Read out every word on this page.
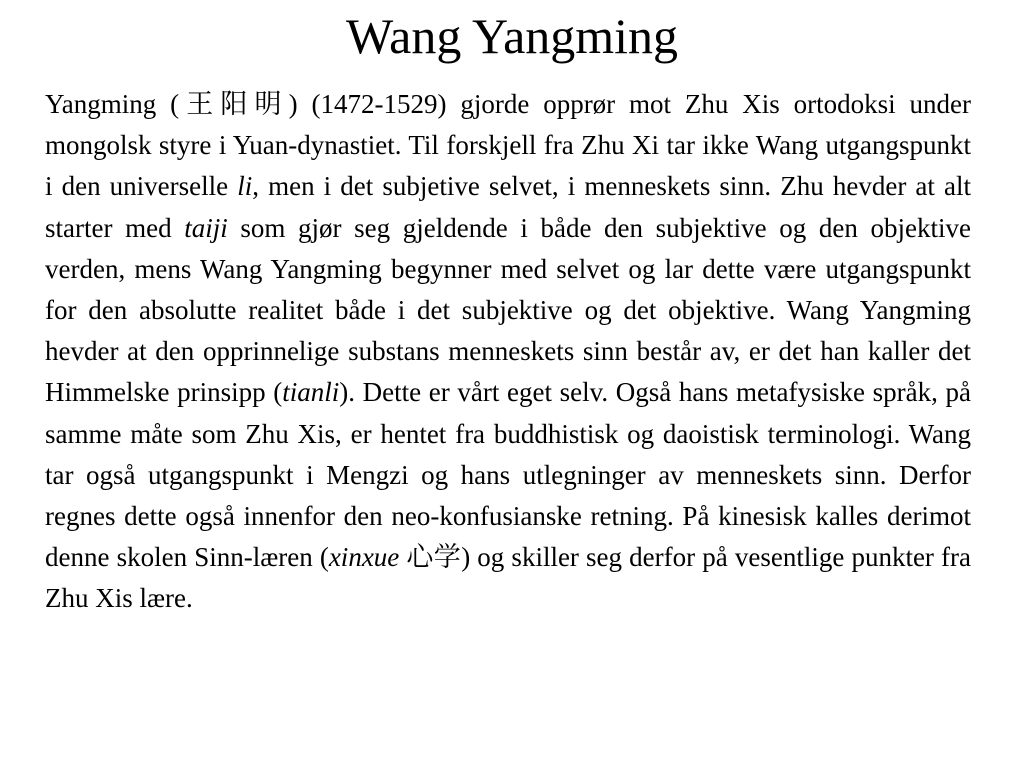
Wang Yangming

Yangming (王阳明) (1472-1529) gjorde opprør mot Zhu Xis ortodoksi under mongolsk styre i Yuan-dynastiet. Til forskjell fra Zhu Xi tar ikke Wang utgangspunkt i den universelle li, men i det subjetive selvet, i menneskets sinn. Zhu hevder at alt starter med taiji som gjør seg gjeldende i både den subjektive og den objektive verden, mens Wang Yangming begynner med selvet og lar dette være utgangspunkt for den absolutte realitet både i det subjektive og det objektive. Wang Yangming hevder at den opprinnelige substans menneskets sinn består av, er det han kaller det Himmelske prinsipp (tianli). Dette er vårt eget selv. Også hans metafysiske språk, på samme måte som Zhu Xis, er hentet fra buddhistisk og daoistisk terminologi. Wang tar også utgangspunkt i Mengzi og hans utlegninger av menneskets sinn. Derfor regnes dette også innenfor den neo-konfusianske retning. På kinesisk kalles derimot denne skolen Sinn-læren (xinxue 心学) og skiller seg derfor på vesentlige punkter fra Zhu Xis lære.
